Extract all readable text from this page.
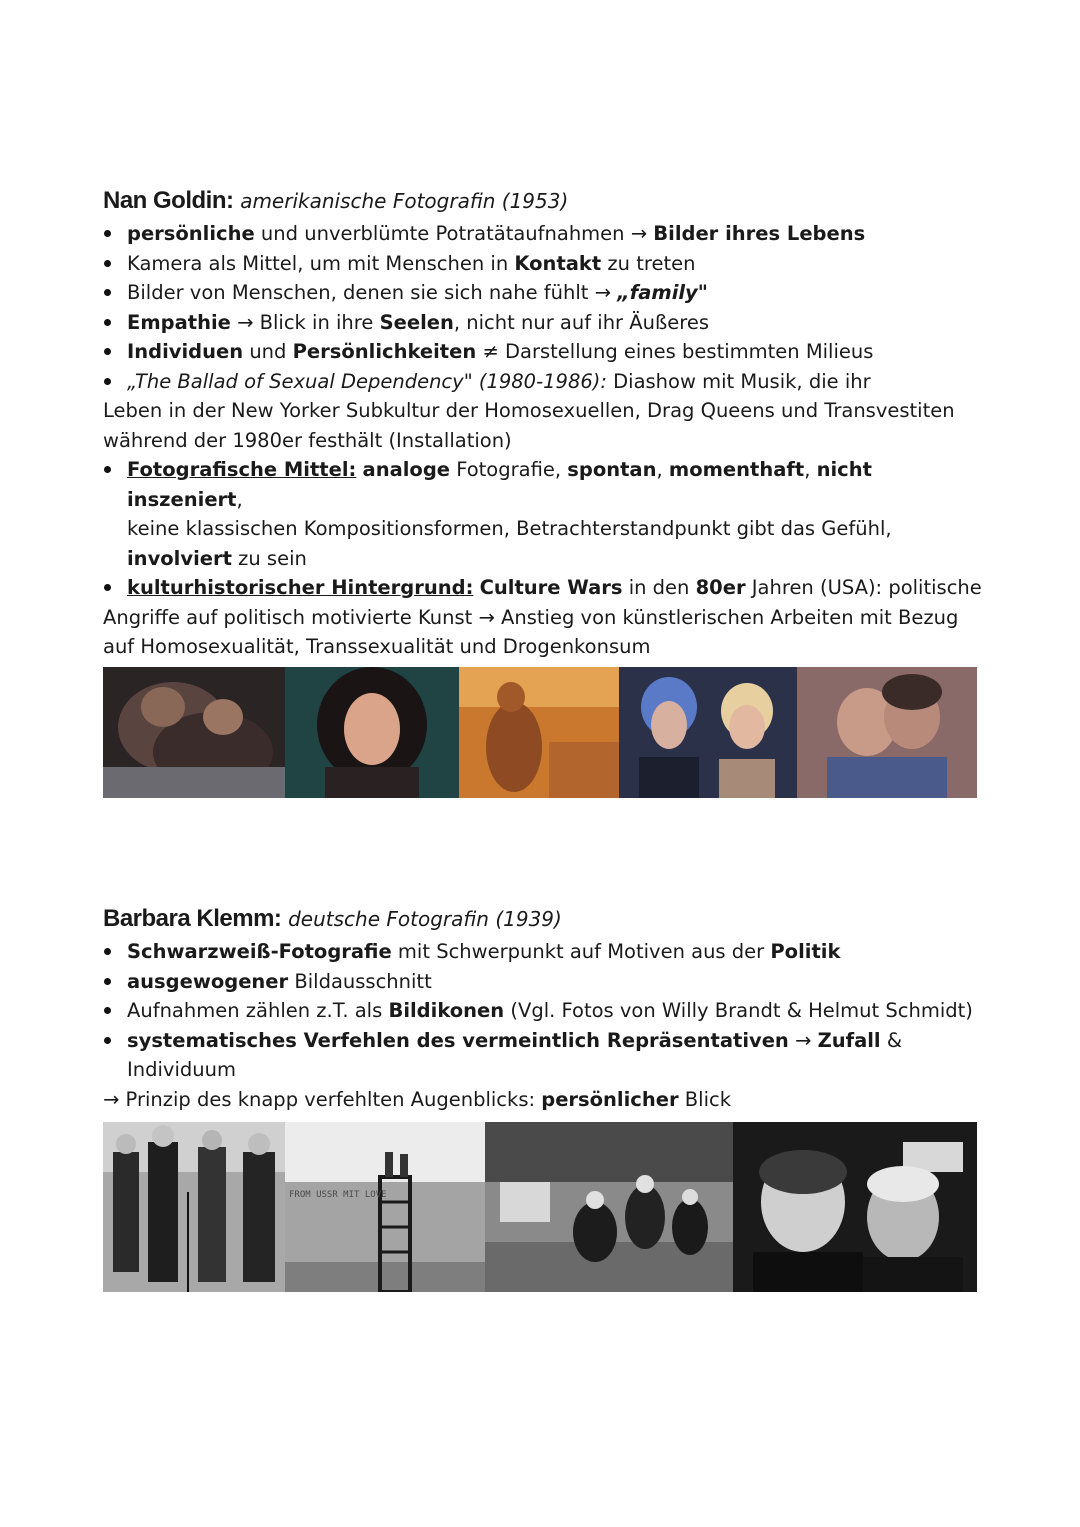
Nan Goldin: amerikanische Fotografin (1953)

persönliche und unverblümte Potratätaufnahmen → Bilder ihres Lebens

Kamera als Mittel, um mit Menschen in Kontakt zu treten

Bilder von Menschen, denen sie sich nahe fühlt → „family"

Empathie → Blick in ihre Seelen, nicht nur auf ihr Äußeres

Individuen und Persönlichkeiten ≠ Darstellung eines bestimmten Milieus

„The Ballad of Sexual Dependency" (1980-1986): Diashow mit Musik, die ihr

Leben in der New Yorker Subkultur der Homosexuellen, Drag Queens und Transvestiten

während der 1980er festhält (Installation)

Fotografische Mittel: analoge Fotografie, spontan, momenthaft, nicht inszeniert,
keine klassischen Kompositionsformen, Betrachterstandpunkt gibt das Gefühl,
involviert zu sein

kulturhistorischer Hintergrund: Culture Wars in den 80er Jahren (USA): politische

Angriffe auf politisch motivierte Kunst → Anstieg von künstlerischen Arbeiten mit Bezug

auf Homosexualität, Transsexualität und Drogenkonsum

Barbara Klemm: deutsche Fotografin (1939)

Schwarzweiß-Fotografie mit Schwerpunkt auf Motiven aus der Politik

ausgewogener Bildausschnitt

Aufnahmen zählen z.T. als Bildikonen (Vgl. Fotos von Willy Brandt & Helmut Schmidt)

systematisches Verfehlen des vermeintlich Repräsentativen → Zufall & Individuum

→ Prinzip des knapp verfehlten Augenblicks: persönlicher Blick

FROM USSR MIT LOVE
